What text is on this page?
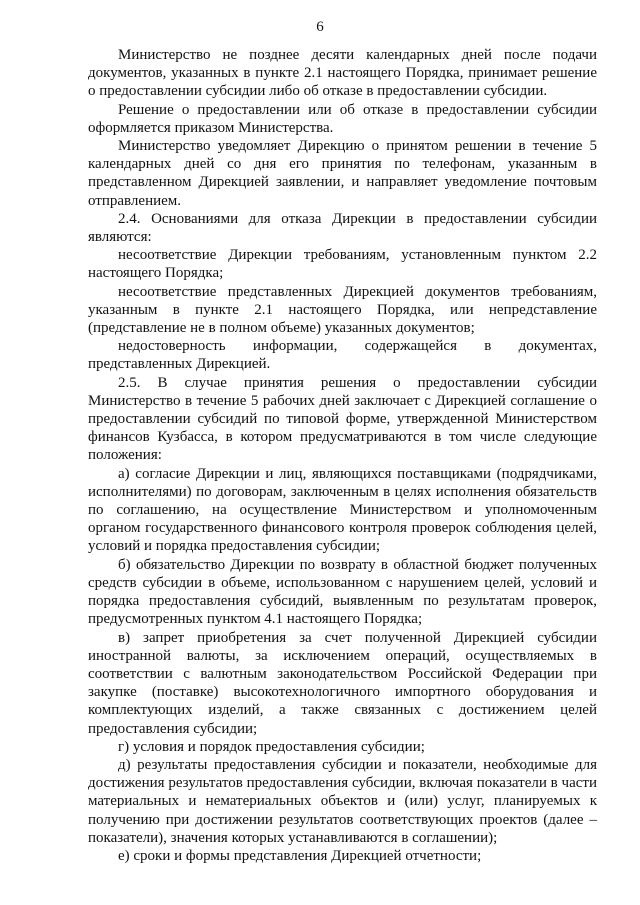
6

Министерство не позднее десяти календарных дней после подачи документов, указанных в пункте 2.1 настоящего Порядка, принимает решение о предоставлении субсидии либо об отказе в предоставлении субсидии.

Решение о предоставлении или об отказе в предоставлении субсидии оформляется приказом Министерства.

Министерство уведомляет Дирекцию о принятом решении в течение 5 календарных дней со дня его принятия по телефонам, указанным в представленном Дирекцией заявлении, и направляет уведомление почтовым отправлением.

2.4. Основаниями для отказа Дирекции в предоставлении субсидии являются:

несоответствие Дирекции требованиям, установленным пунктом 2.2 настоящего Порядка;

несоответствие представленных Дирекцией документов требованиям, указанным в пункте 2.1 настоящего Порядка, или непредставление (представление не в полном объеме) указанных документов;

недостоверность информации, содержащейся в документах, представленных Дирекцией.

2.5. В случае принятия решения о предоставлении субсидии Министерство в течение 5 рабочих дней заключает с Дирекцией соглашение о предоставлении субсидий по типовой форме, утвержденной Министерством финансов Кузбасса, в котором предусматриваются в том числе следующие положения:

а) согласие Дирекции и лиц, являющихся поставщиками (подрядчиками, исполнителями) по договорам, заключенным в целях исполнения обязательств по соглашению, на осуществление Министерством и уполномоченным органом государственного финансового контроля проверок соблюдения целей, условий и порядка предоставления субсидии;

б) обязательство Дирекции по возврату в областной бюджет полученных средств субсидии в объеме, использованном с нарушением целей, условий и порядка предоставления субсидий, выявленным по результатам проверок, предусмотренных пунктом 4.1 настоящего Порядка;

в) запрет приобретения за счет полученной Дирекцией субсидии иностранной валюты, за исключением операций, осуществляемых в соответствии с валютным законодательством Российской Федерации при закупке (поставке) высокотехнологичного импортного оборудования и комплектующих изделий, а также связанных с достижением целей предоставления субсидии;

г) условия и порядок предоставления субсидии;

д) результаты предоставления субсидии и показатели, необходимые для достижения результатов предоставления субсидии, включая показатели в части материальных и нематериальных объектов и (или) услуг, планируемых к получению при достижении результатов соответствующих проектов (далее – показатели), значения которых устанавливаются в соглашении);

е) сроки и формы представления Дирекцией отчетности;
